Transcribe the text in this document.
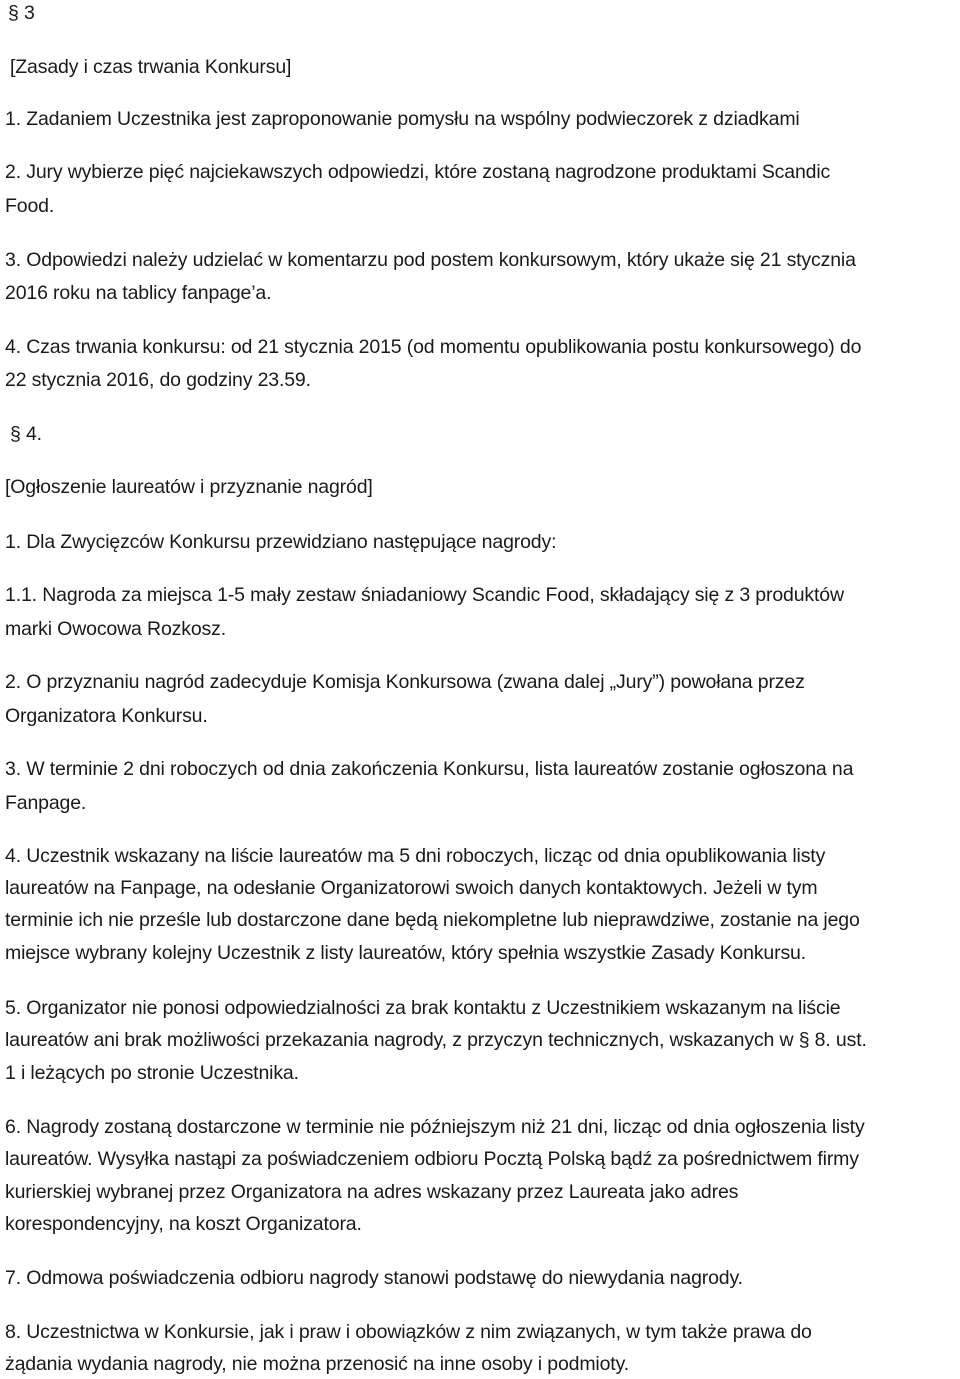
§ 3
[Zasady i czas trwania Konkursu]
1. Zadaniem Uczestnika jest zaproponowanie pomysłu na wspólny podwieczorek z dziadkami
2. Jury wybierze pięć najciekawszych odpowiedzi, które zostaną nagrodzone produktami Scandic
Food.
3. Odpowiedzi należy udzielać w komentarzu pod postem konkursowym, który ukaże się 21 stycznia
2016 roku na tablicy fanpage’a.
4. Czas trwania konkursu: od 21 stycznia 2015 (od momentu opublikowania postu konkursowego) do
22 stycznia 2016, do godziny 23.59.
§ 4.
[Ogłoszenie laureatów i przyznanie nagród]
1. Dla Zwycięzców Konkursu przewidziano następujące nagrody:
1.1. Nagroda za miejsca 1-5 mały zestaw śniadaniowy Scandic Food, składający się z 3 produktów
marki Owocowa Rozkosz.
2. O przyznaniu nagród zadecyduje Komisja Konkursowa (zwana dalej „Jury”) powołana przez
Organizatora Konkursu.
3. W terminie 2 dni roboczych od dnia zakończenia Konkursu, lista laureatów zostanie ogłoszona na
Fanpage.
4. Uczestnik wskazany na liście laureatów ma 5 dni roboczych, licząc od dnia opublikowania listy
laureatów na Fanpage, na odesłanie Organizatorowi swoich danych kontaktowych. Jeżeli w tym
terminie ich nie prześle lub dostarczone dane będą niekompletne lub nieprawdziwe, zostanie na jego
miejsce wybrany kolejny Uczestnik z listy laureatów, który spełnia wszystkie Zasady Konkursu.
5. Organizator nie ponosi odpowiedzialności za brak kontaktu z Uczestnikiem wskazanym na liście
laureatów ani brak możliwości przekazania nagrody, z przyczyn technicznych, wskazanych w § 8. ust.
1 i leżących po stronie Uczestnika.
6. Nagrody zostaną dostarczone w terminie nie późniejszym niż 21 dni, licząc od dnia ogłoszenia listy
laureatów. Wysyłka nastąpi za poświadczeniem odbioru Pocztą Polską bądź za pośrednictwem firmy
kurierskiej wybranej przez Organizatora na adres wskazany przez Laureata jako adres
korespondencyjny, na koszt Organizatora.
7. Odmowa poświadczenia odbioru nagrody stanowi podstawę do niewydania nagrody.
8. Uczestnictwa w Konkursie, jak i praw i obowiązków z nim związanych, w tym także prawa do
żądania wydania nagrody, nie można przenosić na inne osoby i podmioty.
